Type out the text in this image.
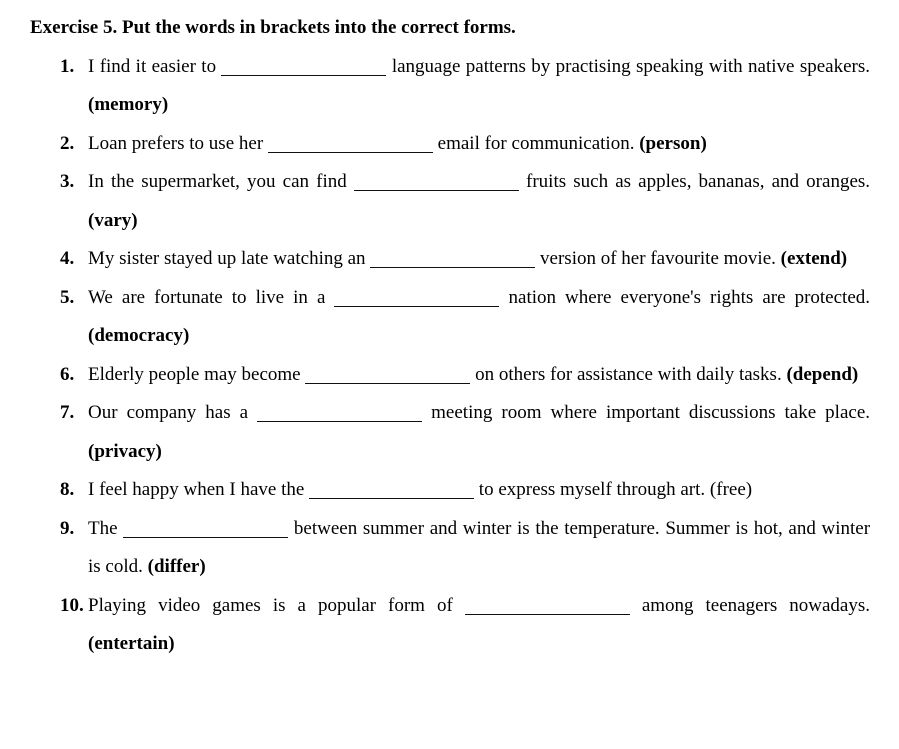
Exercise 5. Put the words in brackets into the correct forms.
1. I find it easier to	language patterns by practising speaking with native speakers. (memory)
2. Loan prefers to use her	email for communication. (person)
3. In the supermarket, you can find	fruits such as apples, bananas, and oranges. (vary)
4. My sister stayed up late watching an	version of her favourite movie. (extend)
5. We are fortunate to live in a	nation where everyone's rights are protected. (democracy)
6. Elderly people may become	on others for assistance with daily tasks. (depend)
7. Our company has a	meeting room where important discussions take place. (privacy)
8. I feel happy when I have the	to express myself through art. (free)
9. The	between summer and winter is the temperature. Summer is hot, and winter is cold. (differ)
10. Playing video games is a popular form of	among teenagers nowadays. (entertain)
